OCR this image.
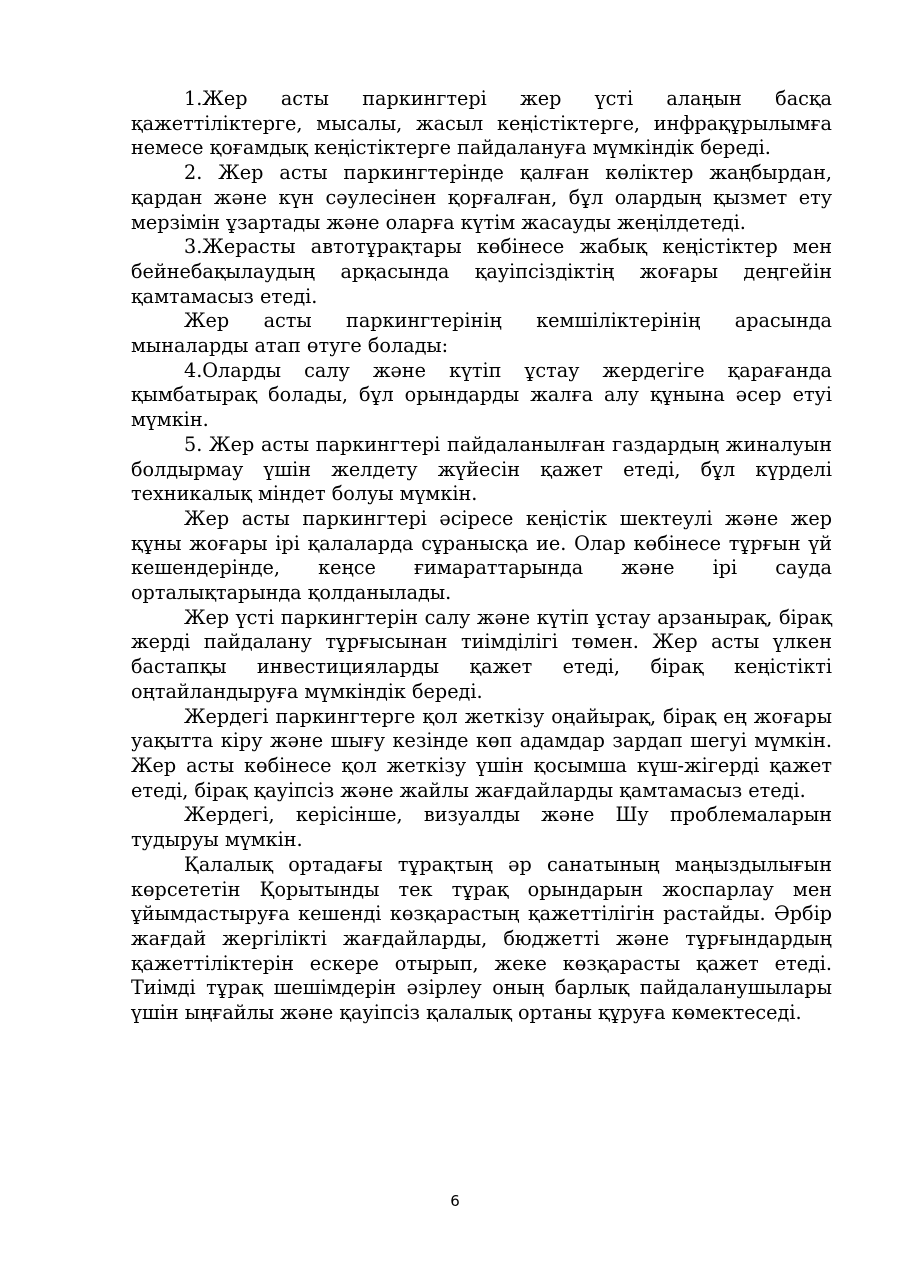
1.Жер асты паркингтері жер үсті алаңын басқа қажеттіліктерге, мысалы, жасыл кеңістіктерге, инфрақұрылымға немесе қоғамдық кеңістіктерге пайдалануға мүмкіндік береді.

2. Жер асты паркингтерінде қалған көліктер жаңбырдан, қардан және күн сәулесінен қорғалған, бұл олардың қызмет ету мерзімін ұзартады және оларға күтім жасауды жеңілдетеді.

3.Жерасты автотұрақтары көбінесе жабық кеңістіктер мен бейнебақылаудың арқасында қауіпсіздіктің жоғары деңгейін қамтамасыз етеді.

Жер асты паркингтерінің кемшіліктерінің арасында мыналарды атап өтуге болады:

4.Оларды салу және күтіп ұстау жердегіге қарағанда қымбатырақ болады, бұл орындарды жалға алу құнына әсер етуі мүмкін.

5. Жер асты паркингтері пайдаланылған газдардың жиналуын болдырмау үшін желдету жүйесін қажет етеді, бұл күрделі техникалық міндет болуы мүмкін.

Жер асты паркингтері әсіресе кеңістік шектеулі және жер құны жоғары ірі қалаларда сұранысқа ие. Олар көбінесе тұрғын үй кешендерінде, кеңсе ғимараттарында және ірі сауда орталықтарында қолданылады.

Жер үсті паркингтерін салу және күтіп ұстау арзанырақ, бірақ жерді пайдалану тұрғысынан тиімділігі төмен. Жер асты үлкен бастапқы инвестицияларды қажет етеді, бірақ кеңістікті оңтайландыруға мүмкіндік береді.

Жердегі паркингтерге қол жеткізу оңайырақ, бірақ ең жоғары уақытта кіру және шығу кезінде көп адамдар зардап шегуі мүмкін. Жер асты көбінесе қол жеткізу үшін қосымша күш-жігерді қажет етеді, бірақ қауіпсіз және жайлы жағдайларды қамтамасыз етеді.

Жердегі, керісінше, визуалды және Шу проблемаларын тудыруы мүмкін.

Қалалық ортадағы тұрақтың әр санатының маңыздылығын көрсететін Қорытынды тек тұрақ орындарын жоспарлау мен ұйымдастыруға кешенді көзқарастың қажеттілігін растайды. Әрбір жағдай жергілікті жағдайларды, бюджетті және тұрғындардың қажеттіліктерін ескере отырып, жеке көзқарасты қажет етеді. Тиімді тұрақ шешімдерін әзірлеу оның барлық пайдаланушылары үшін ыңғайлы және қауіпсіз қалалық ортаны құруға көмектеседі.

6
